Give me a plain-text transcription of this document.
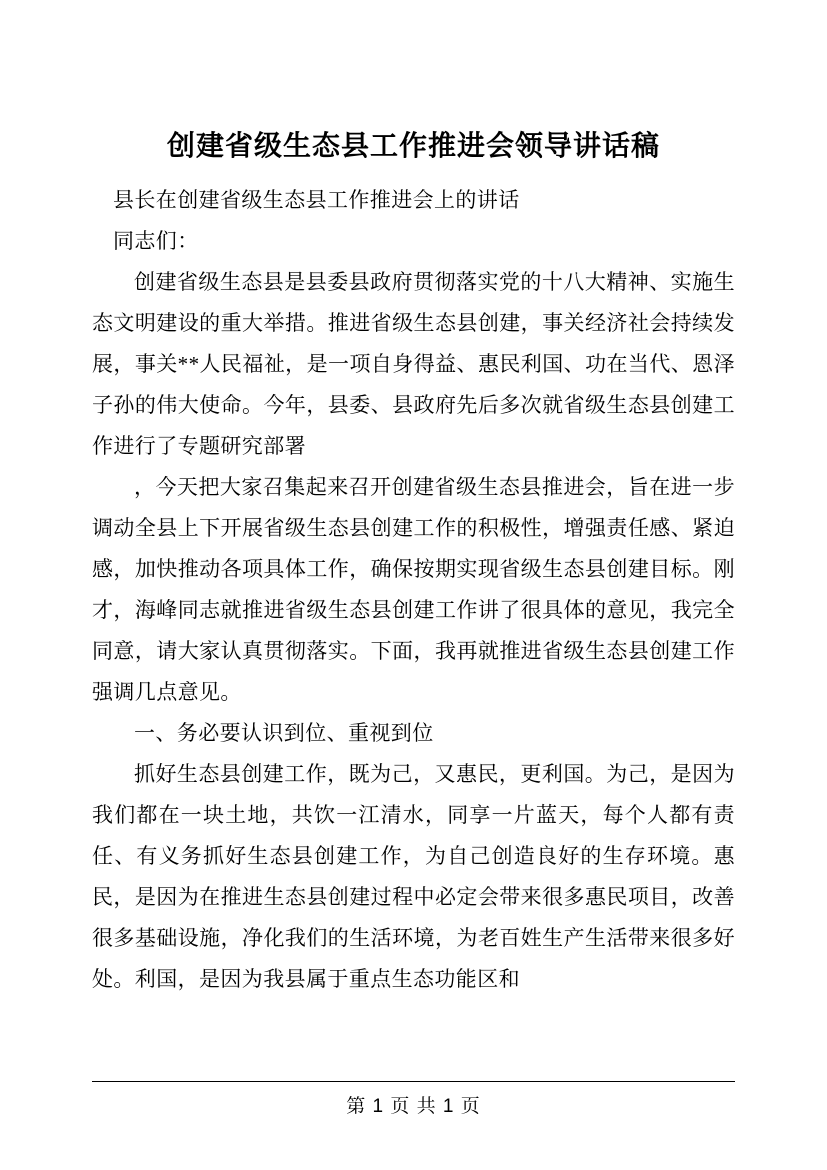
创建省级生态县工作推进会领导讲话稿

县长在创建省级生态县工作推进会上的讲话

同志们：

创建省级生态县是县委县政府贯彻落实党的十八大精神、实施生态文明建设的重大举措。推进省级生态县创建，事关经济社会持续发展，事关**人民福祉，是一项自身得益、惠民利国、功在当代、恩泽子孙的伟大使命。今年，县委、县政府先后多次就省级生态县创建工作进行了专题研究部署

，今天把大家召集起来召开创建省级生态县推进会，旨在进一步调动全县上下开展省级生态县创建工作的积极性，增强责任感、紧迫感，加快推动各项具体工作，确保按期实现省级生态县创建目标。刚才，海峰同志就推进省级生态县创建工作讲了很具体的意见，我完全同意，请大家认真贯彻落实。下面，我再就推进省级生态县创建工作强调几点意见。

一、务必要认识到位、重视到位

抓好生态县创建工作，既为己，又惠民，更利国。为己，是因为我们都在一块土地，共饮一江清水，同享一片蓝天，每个人都有责任、有义务抓好生态县创建工作，为自己创造良好的生存环境。惠民，是因为在推进生态县创建过程中必定会带来很多惠民项目，改善很多基础设施，净化我们的生活环境，为老百姓生产生活带来很多好处。利国，是因为我县属于重点生态功能区和

第 1 页 共 1 页
